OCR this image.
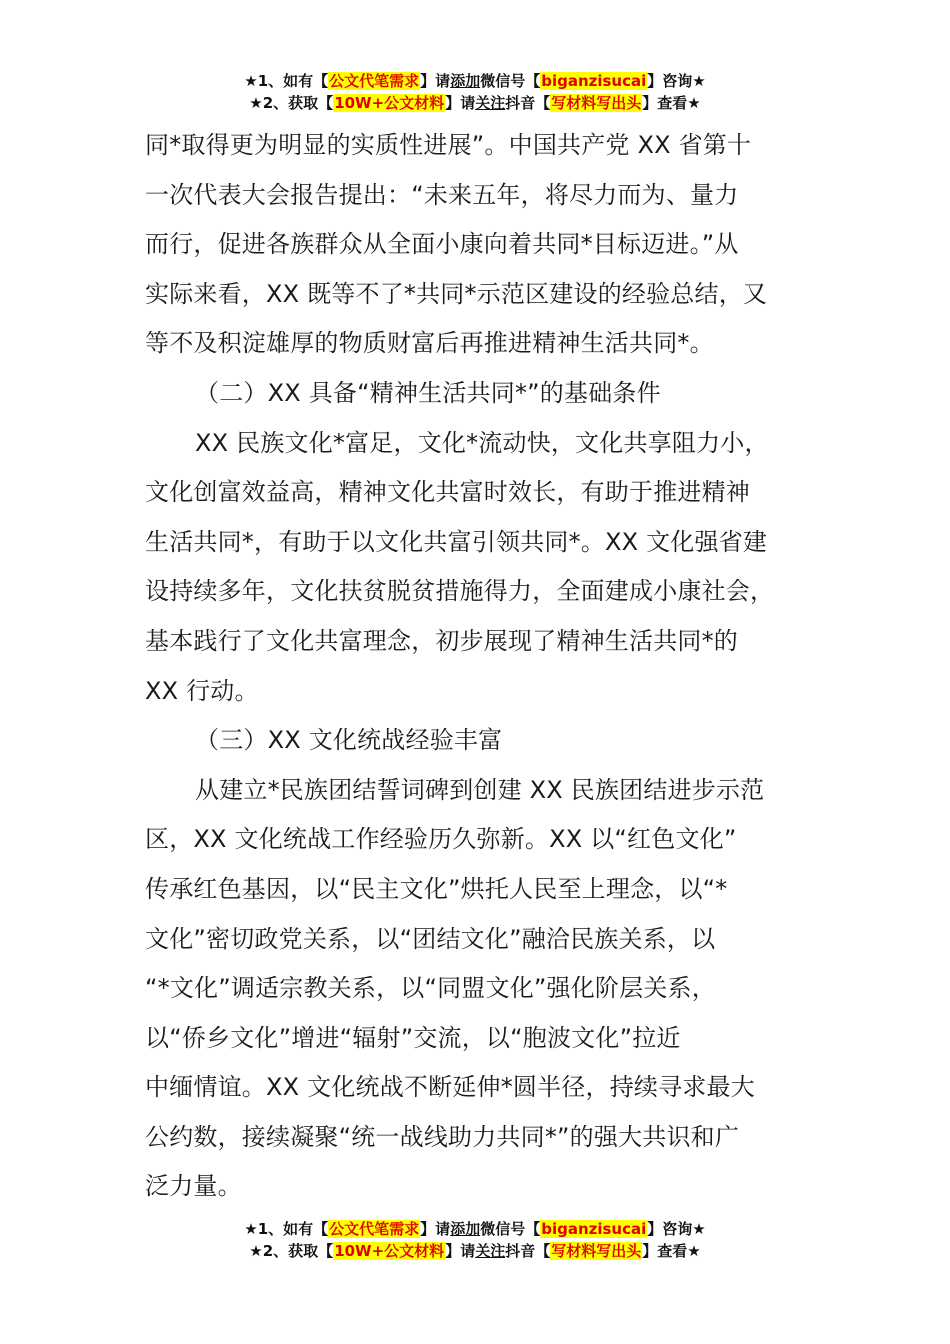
★1、如有【公文代笔需求】请添加微信号【biganzisucai】咨询★
★2、获取【10W+公文材料】请关注抖音【写材料写出头】查看★

同*取得更为明显的实质性进展”。中国共产党 XX 省第十

一次代表大会报告提出：“未来五年，将尽力而为、量力

而行，促进各族群众从全面小康向着共同*目标迈进。”从

实际来看，XX 既等不了*共同*示范区建设的经验总结，又

等不及积淀雄厚的物质财富后再推进精神生活共同*。

（二）XX 具备“精神生活共同*”的基础条件

XX 民族文化*富足，文化*流动快，文化共享阻力小，

文化创富效益高，精神文化共富时效长，有助于推进精神

生活共同*，有助于以文化共富引领共同*。XX 文化强省建

设持续多年，文化扶贫脱贫措施得力，全面建成小康社会，

基本践行了文化共富理念，初步展现了精神生活共同*的

XX 行动。

（三）XX 文化统战经验丰富

从建立*民族团结誓词碑到创建 XX 民族团结进步示范

区，XX 文化统战工作经验历久弥新。XX 以“红色文化”

传承红色基因，以“民主文化”烘托人民至上理念，以“*

文化”密切政党关系，以“团结文化”融洽民族关系，以

“*文化”调适宗教关系，以“同盟文化”强化阶层关系，

以“侨乡文化”增进“辐射”交流，以“胞波文化”拉近

中缅情谊。XX 文化统战不断延伸*圆半径，持续寻求最大

公约数，接续凝聚“统一战线助力共同*”的强大共识和广

泛力量。

★1、如有【公文代笔需求】请添加微信号【biganzisucai】咨询★
★2、获取【10W+公文材料】请关注抖音【写材料写出头】查看★
